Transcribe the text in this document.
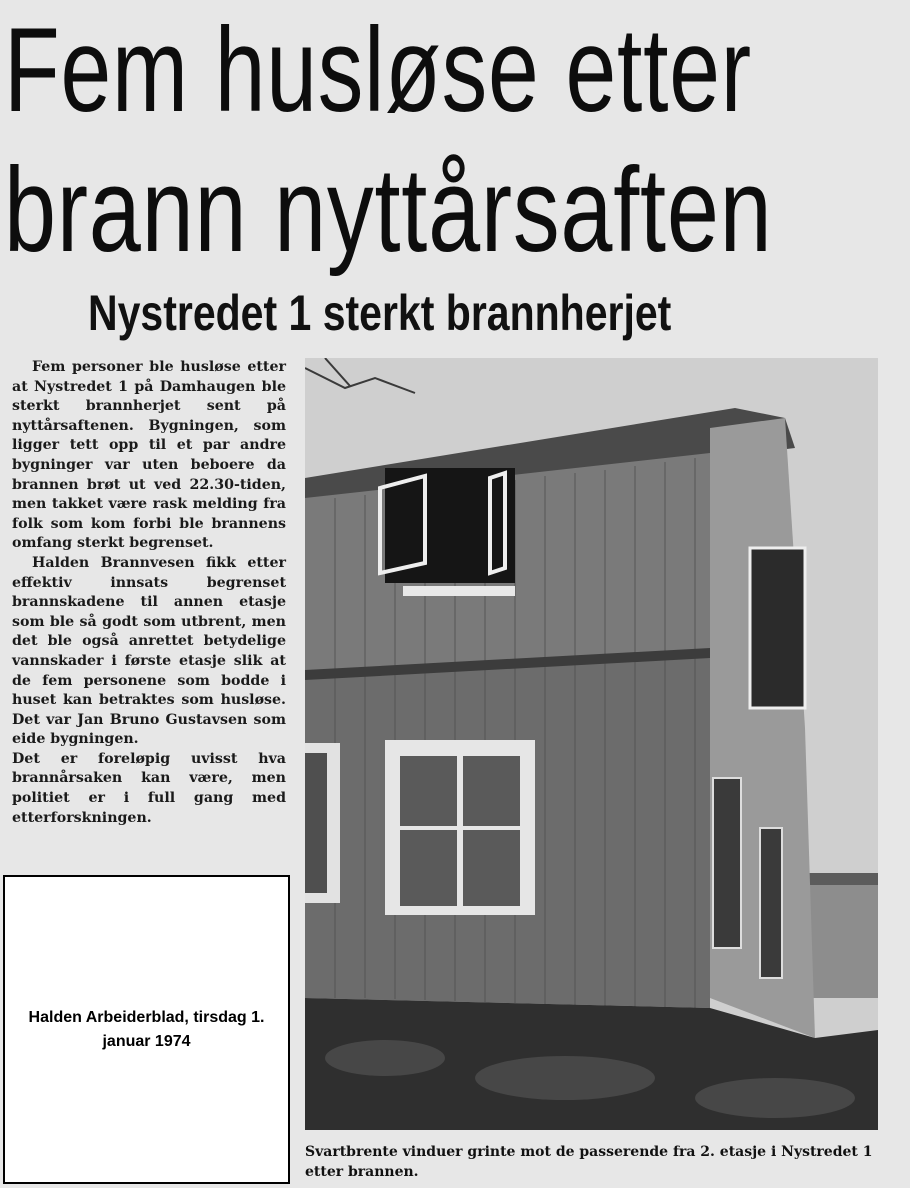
Fem husløse etter
brann nyttårsaften
Nystredet 1 sterkt brannherjet

Fem personer ble husløse etter at Nystredet 1 på Damhaugen ble sterkt brannherjet sent på nyttårsaftenen. Bygningen, som ligger tett opp til et par andre bygninger var uten beboere da brannen brøt ut ved 22.30-tiden, men takket være rask melding fra folk som kom forbi ble brannens omfang sterkt begrenset.

Halden Brannvesen fikk etter effektiv innsats begrenset brannskadene til annen etasje som ble så godt som utbrent, men det ble også anrettet betydelige vannskader i første etasje slik at de fem personene som bodde i huset kan betraktes som husløse. Det var Jan Bruno Gustavsen som eide bygningen.

Det er foreløpig uvisst hva brannårsaken kan være, men politiet er i full gang med etterforskningen.

Svartbrente vinduer grinte mot de passerende fra 2. etasje i Nystredet 1 etter brannen.

Halden Arbeiderblad, tirsdag 1. januar 1974
